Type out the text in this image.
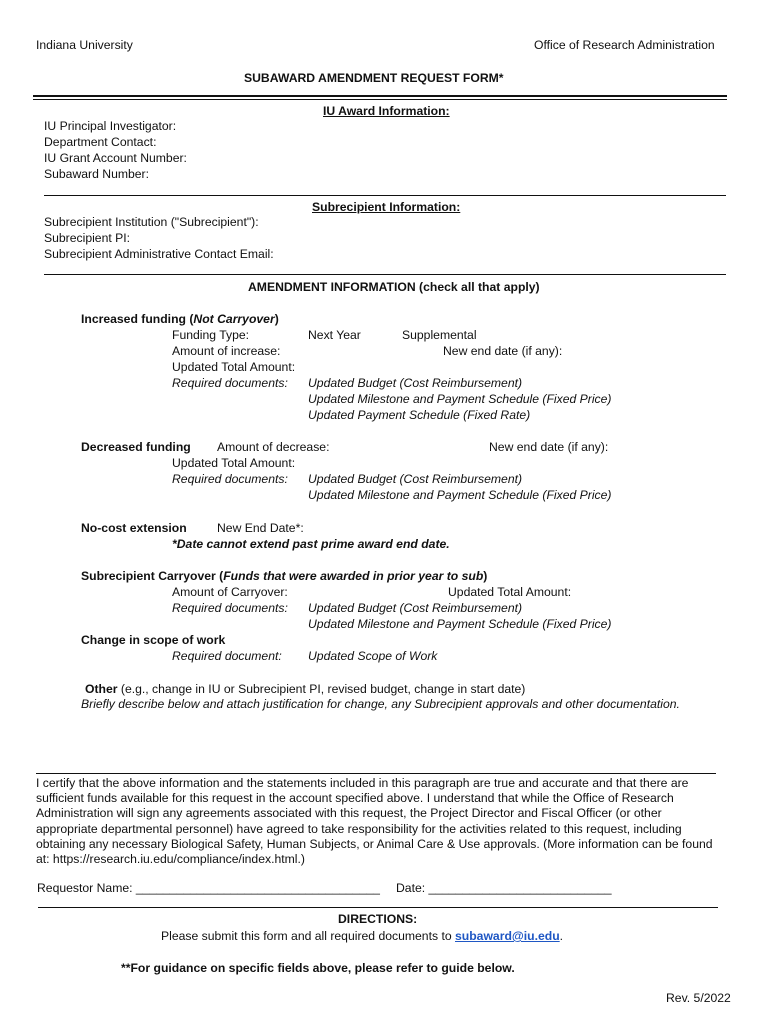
Indiana University	Office of Research Administration
SUBAWARD AMENDMENT REQUEST FORM*
IU Award Information:
IU Principal Investigator:
Department Contact:
IU Grant Account Number:
Subaward Number:
Subrecipient Information:
Subrecipient Institution ("Subrecipient"):
Subrecipient PI:
Subrecipient Administrative Contact Email:
AMENDMENT INFORMATION (check all that apply)
Increased funding (Not Carryover)
Funding Type:	Next Year	Supplemental
Amount of increase:	New end date (if any):
Updated Total Amount:
Required documents: Updated Budget (Cost Reimbursement)
Updated Milestone and Payment Schedule (Fixed Price)
Updated Payment Schedule (Fixed Rate)
Decreased funding Amount of decrease:	New end date (if any):
Updated Total Amount:
Required documents: Updated Budget (Cost Reimbursement)
Updated Milestone and Payment Schedule (Fixed Price)
No-cost extension New End Date*:
*Date cannot extend past prime award end date.
Subrecipient Carryover (Funds that were awarded in prior year to sub)
Amount of Carryover:	Updated Total Amount:
Required documents: Updated Budget (Cost Reimbursement)
Updated Milestone and Payment Schedule (Fixed Price)
Change in scope of work
Required document: Updated Scope of Work
Other (e.g., change in IU or Subrecipient PI, revised budget, change in start date)
Briefly describe below and attach justification for change, any Subrecipient approvals and other documentation.
I certify that the above information and the statements included in this paragraph are true and accurate and that there are sufficient funds available for this request in the account specified above. I understand that while the Office of Research Administration will sign any agreements associated with this request, the Project Director and Fiscal Officer (or other appropriate departmental personnel) have agreed to take responsibility for the activities related to this request, including obtaining any necessary Biological Safety, Human Subjects, or Animal Care & Use approvals. (More information can be found at: https://research.iu.edu/compliance/index.html.)
Requestor Name: ____________________________________ Date: ___________________________
DIRECTIONS:
Please submit this form and all required documents to subaward@iu.edu.
**For guidance on specific fields above, please refer to guide below.
Rev. 5/2022
